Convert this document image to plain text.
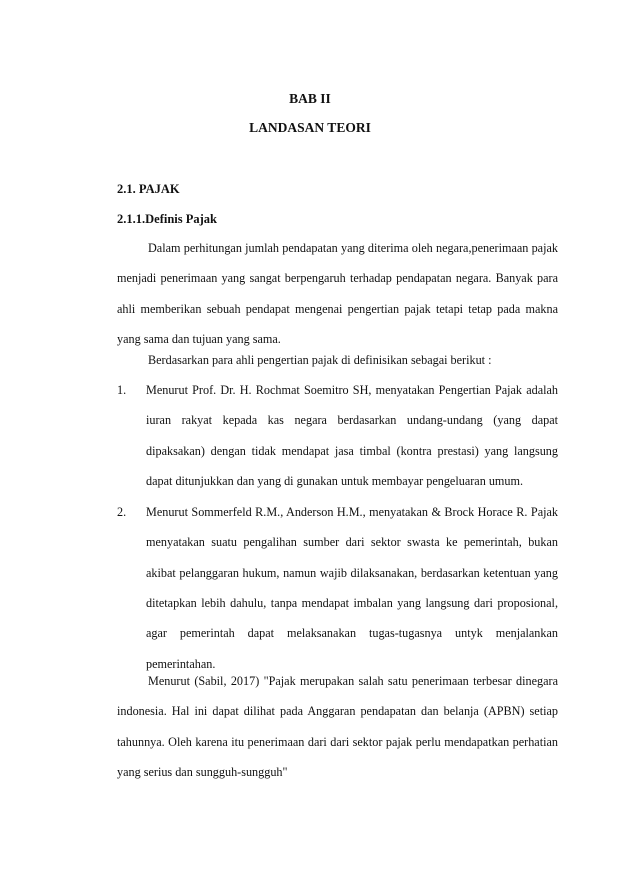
BAB II
LANDASAN TEORI
2.1. PAJAK
2.1.1.Definis Pajak

Dalam perhitungan jumlah pendapatan yang diterima oleh negara,penerimaan pajak menjadi penerimaan yang sangat berpengaruh terhadap pendapatan negara. Banyak para ahli memberikan sebuah pendapat mengenai pengertian pajak tetapi tetap pada makna yang sama dan tujuan yang sama.

Berdasarkan para ahli pengertian pajak di definisikan sebagai berikut :

1. Menurut Prof. Dr. H. Rochmat Soemitro SH, menyatakan Pengertian Pajak adalah iuran rakyat kepada kas negara berdasarkan undang-undang (yang dapat dipaksakan) dengan tidak mendapat jasa timbal (kontra prestasi) yang langsung dapat ditunjukkan dan yang di gunakan untuk membayar pengeluaran umum.
2. Menurut Sommerfeld R.M., Anderson H.M., menyatakan & Brock Horace R. Pajak menyatakan suatu pengalihan sumber dari sektor swasta ke pemerintah, bukan akibat pelanggaran hukum, namun wajib dilaksanakan, berdasarkan ketentuan yang ditetapkan lebih dahulu, tanpa mendapat imbalan yang langsung dari proposional, agar pemerintah dapat melaksanakan tugas-tugasnya untyk menjalankan pemerintahan.

Menurut (Sabil, 2017) "Pajak merupakan salah satu penerimaan terbesar dinegara indonesia. Hal ini dapat dilihat pada Anggaran pendapatan dan belanja (APBN) setiap tahunnya. Oleh karena itu penerimaan dari dari sektor pajak perlu mendapatkan perhatian yang serius dan sungguh-sungguh"
